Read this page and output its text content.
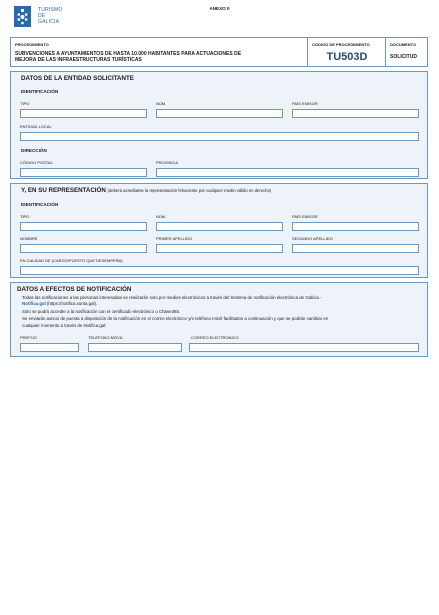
TURISMO
DE
GALICIA
ANEXO II
PROCEDIMIENTO
SUBVENCIONES A AYUNTAMIENTOS DE HASTA 10.000 HABITANTES PARA ACTUACIONES DE
MEJORA DE LAS INFRAESTRUCTURAS TURÍSTICAS
CÓDIGO DE PROCEDIMIENTO
TU503D
DOCUMENTO
SOLICITUD
DATOS DE LA ENTIDAD SOLICITANTE
IDENTIFICACIÓN
TIPO	NÚM.	PAÍS EMISOR
ENTIDAD LOCAL
DIRECCIÓN
CÓDIGO POSTAL	PROVINCIA
Y, EN SU REPRESENTACIÓN (deberá acreditarse la representación fehaciente por cualquier medio válido en derecho)
IDENTIFICACIÓN
TIPO	NÚM.	PAÍS EMISOR
NOMBRE	PRIMER APELLIDO	SEGUNDO APELLIDO
EN CALIDAD DE (CARGO/PUESTO QUE DESEMPEÑA)
DATOS A EFECTOS DE NOTIFICACIÓN
Todas las notificaciones a las personas interesadas se realizarán solo por medios electrónicos a través del Sistema de notificación electrónica de Galicia -
Notifica.gal (https://notifica.xunta.gal).
Solo se podrá acceder a la notificación con el certificado electrónico o Chave365.
Se enviarán avisos de puesta a disposición de la notificación en el correo electrónico y/o teléfono móvil facilitados a continuación y que se podrán cambiar en
cualquier momento a través de Notifica.gal:
PREFIJO	TELÉFONO MÓVIL	CORREO ELECTRÓNICO
